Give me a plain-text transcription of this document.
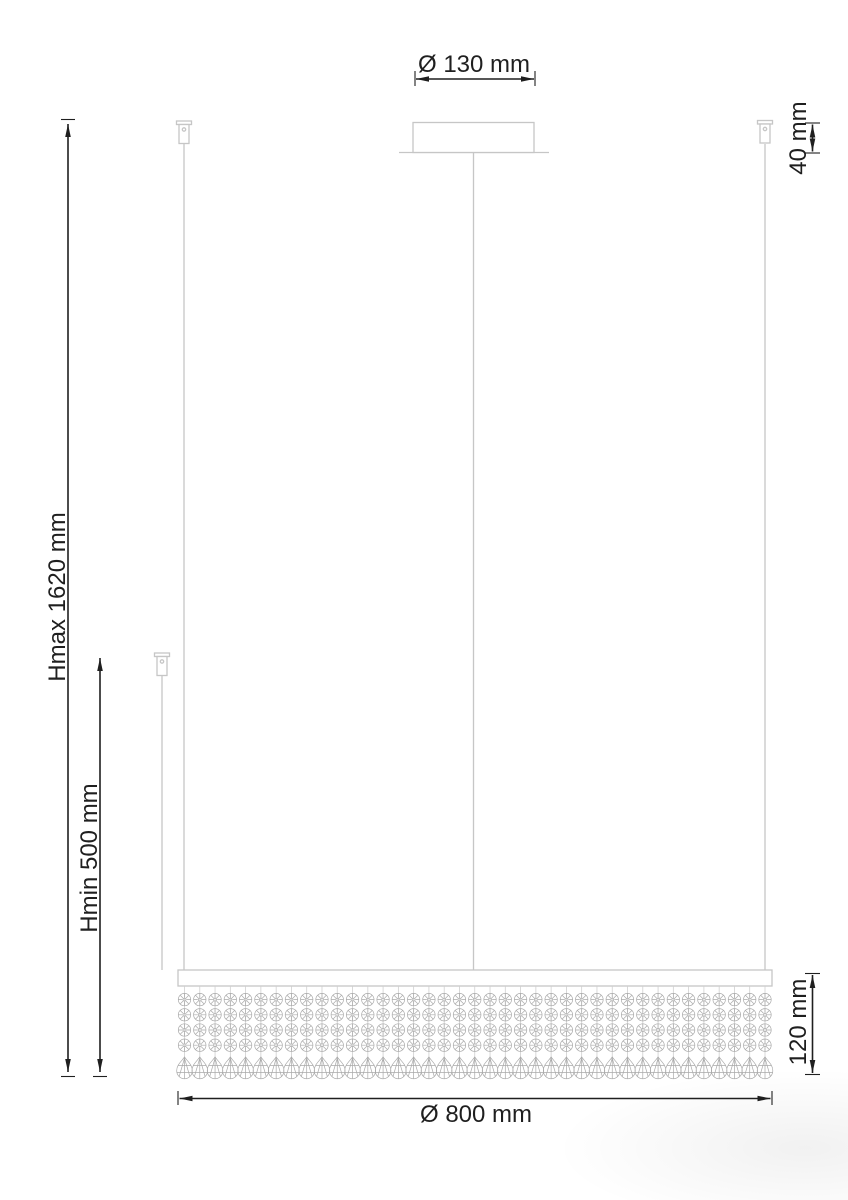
Ø 130 mm
40 mm
Hmax 1620 mm
Hmin 500 mm
120 mm
Ø 800 mm
